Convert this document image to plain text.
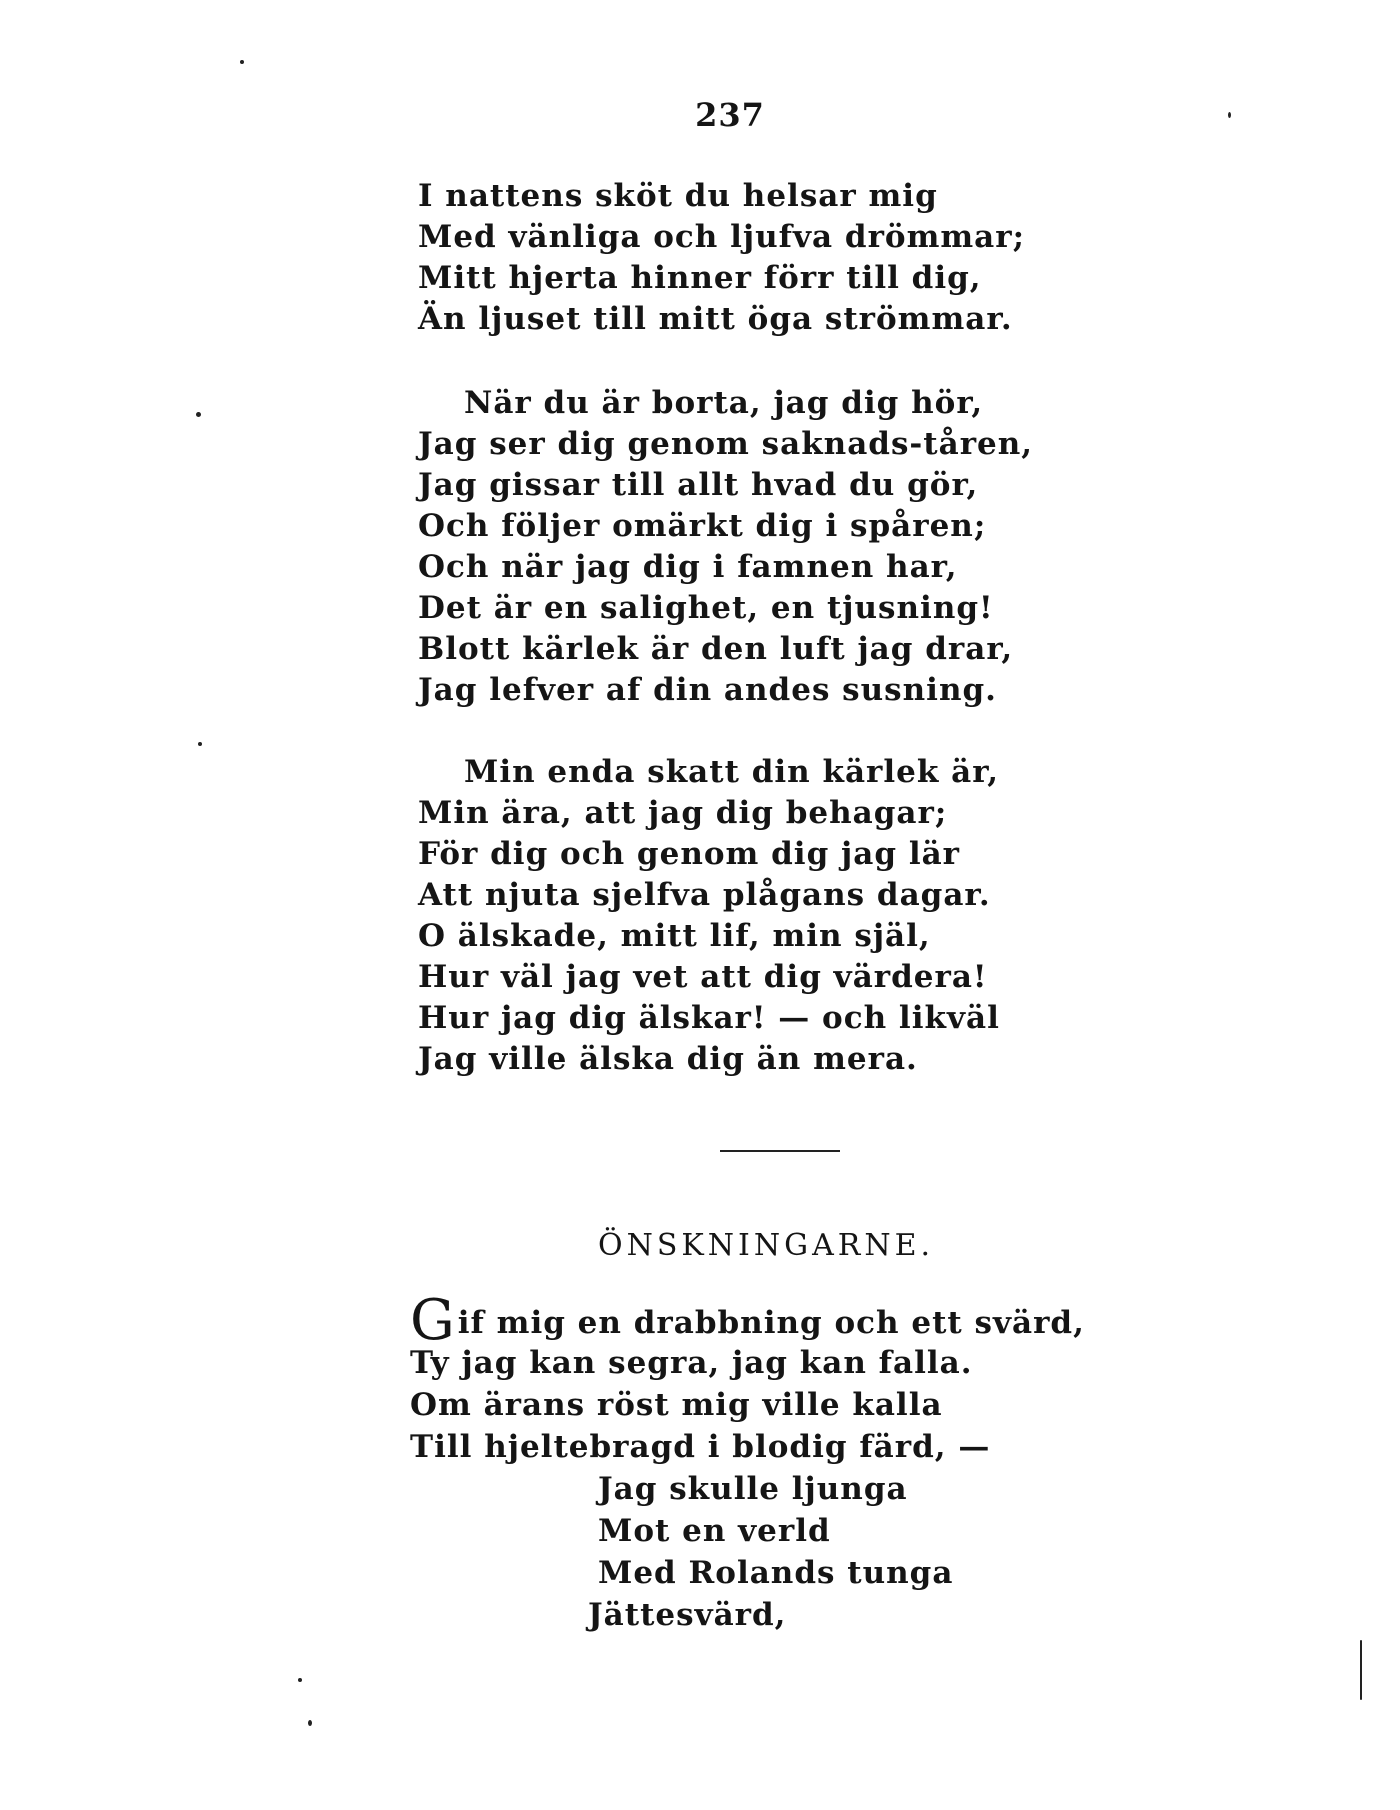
237
I nattens sköt du helsar mig
Med vänliga och ljufva drömmar;
Mitt hjerta hinner förr till dig,
Än ljuset till mitt öga strömmar.
När du är borta, jag dig hör,
Jag ser dig genom saknads-tåren,
Jag gissar till allt hvad du gör,
Och följer omärkt dig i spåren;
Och när jag dig i famnen har,
Det är en salighet, en tjusning!
Blott kärlek är den luft jag drar,
Jag lefver af din andes susning.
Min enda skatt din kärlek är,
Min ära, att jag dig behagar;
För dig och genom dig jag lär
Att njuta sjelfva plågans dagar.
O älskade, mitt lif, min själ,
Hur väl jag vet att dig värdera!
Hur jag dig älskar! — och likväl
Jag ville älska dig än mera.
ÖNSKNINGARNE.
Gif mig en drabbning och ett svärd,
Ty jag kan segra, jag kan falla.
Om ärans röst mig ville kalla
Till hjeltebragd i blodig färd, —
Jag skulle ljunga
Mot en verld
Med Rolands tunga
Jättesvärd,
